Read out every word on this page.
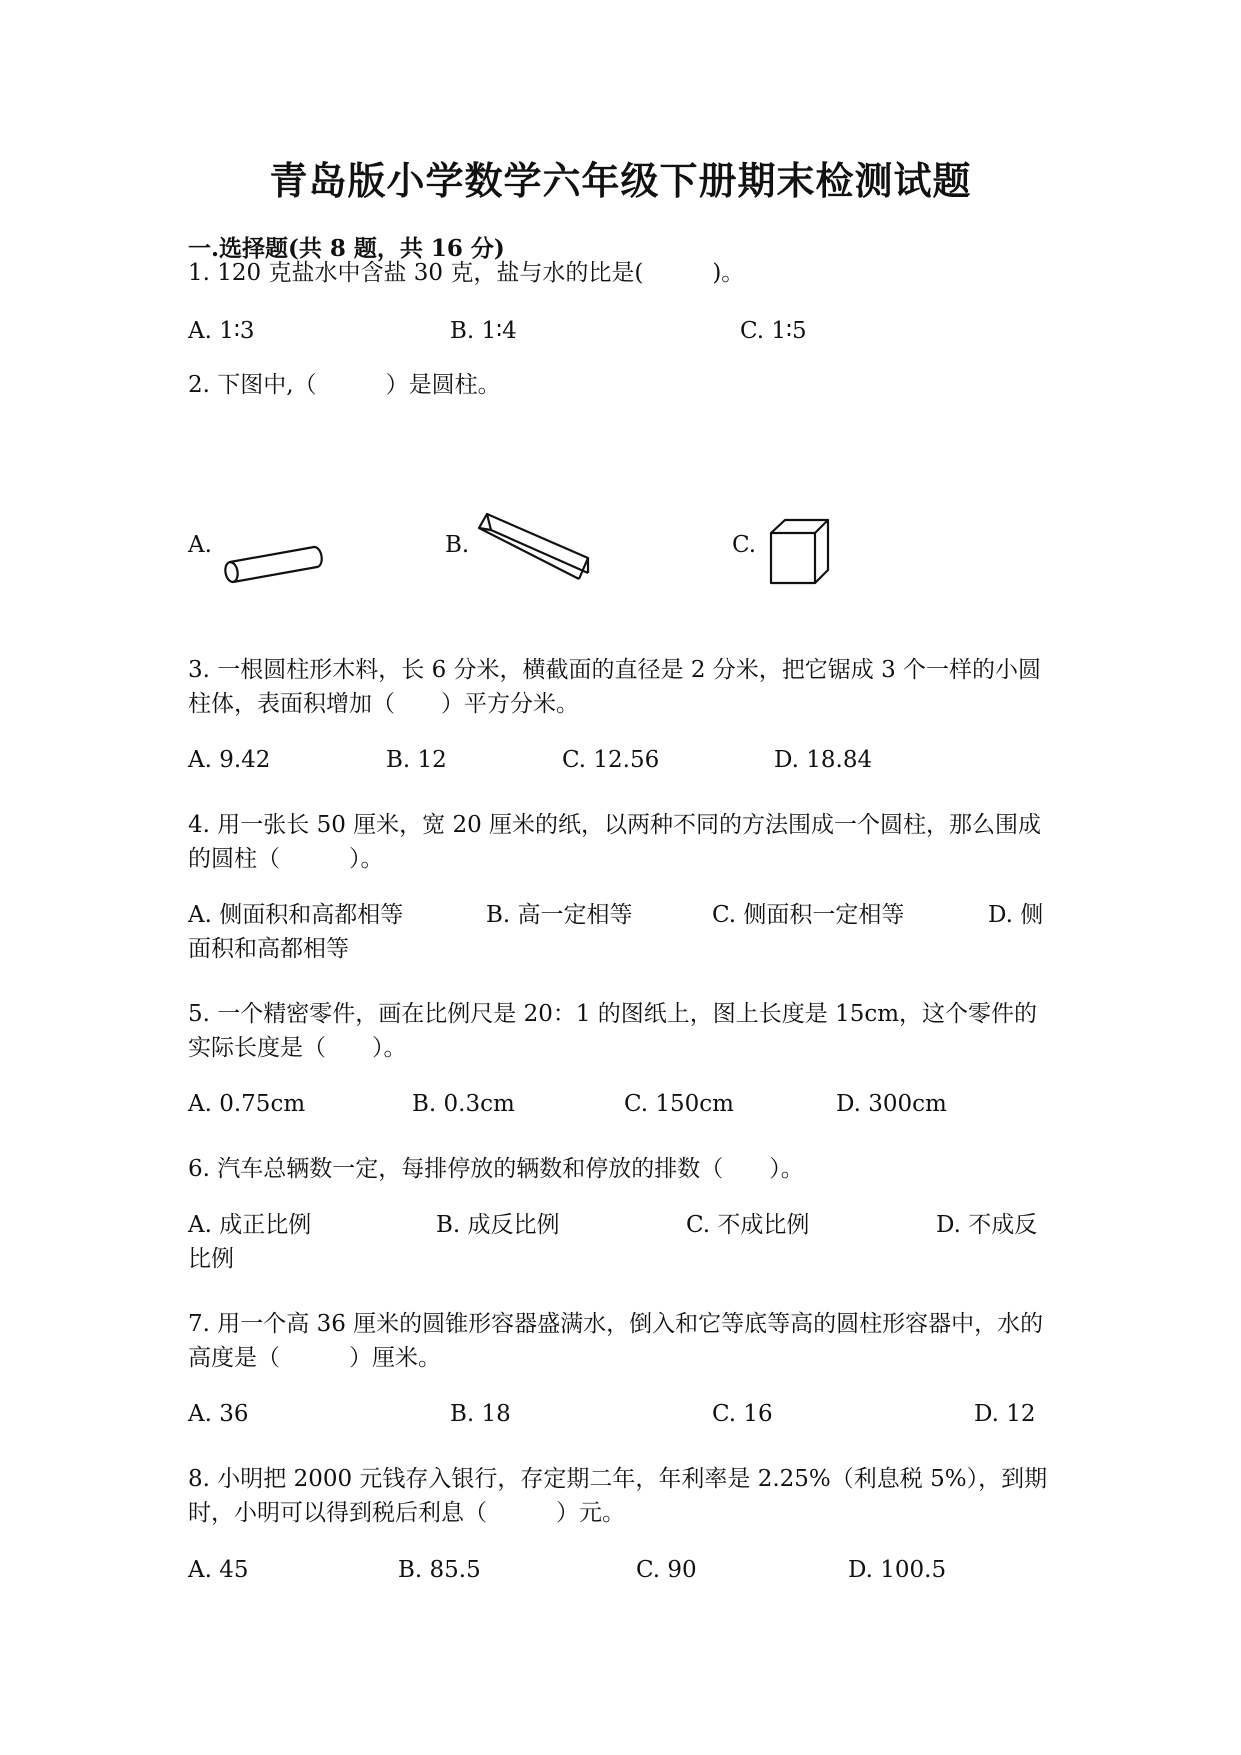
青岛版小学数学六年级下册期末检测试题

一.选择题(共 8 题，共 16 分)

1. 120 克盐水中含盐 30 克，盐与水的比是(　　　)。

A. 1∶3	B. 1∶4	C. 1∶5

2. 下图中,（　　　）是圆柱。

A.	B.	C.

3. 一根圆柱形木料，长 6 分米，横截面的直径是 2 分米，把它锯成 3 个一样的小圆柱体，表面积增加（　　）平方分米。

A. 9.42	B. 12	C. 12.56	D. 18.84

4. 用一张长 50 厘米，宽 20 厘米的纸，以两种不同的方法围成一个圆柱，那么围成的圆柱（　　　）。

A. 侧面积和高都相等	B. 高一定相等	C. 侧面积一定相等	D. 侧
面积和高都相等

5. 一个精密零件，画在比例尺是 20：1 的图纸上，图上长度是 15cm，这个零件的实际长度是（　　）。

A. 0.75cm	B. 0.3cm	C. 150cm	D. 300cm

6. 汽车总辆数一定，每排停放的辆数和停放的排数（　　）。

A. 成正比例	B. 成反比例	C. 不成比例	D. 不成反
比例

7. 用一个高 36 厘米的圆锥形容器盛满水，倒入和它等底等高的圆柱形容器中，水的高度是（　　　）厘米。

A. 36	B. 18	C. 16	D. 12

8. 小明把 2000 元钱存入银行，存定期二年，年利率是 2.25%（利息税 5%），到期时，小明可以得到税后利息（　　　）元。

A. 45	B. 85.5	C. 90	D. 100.5
